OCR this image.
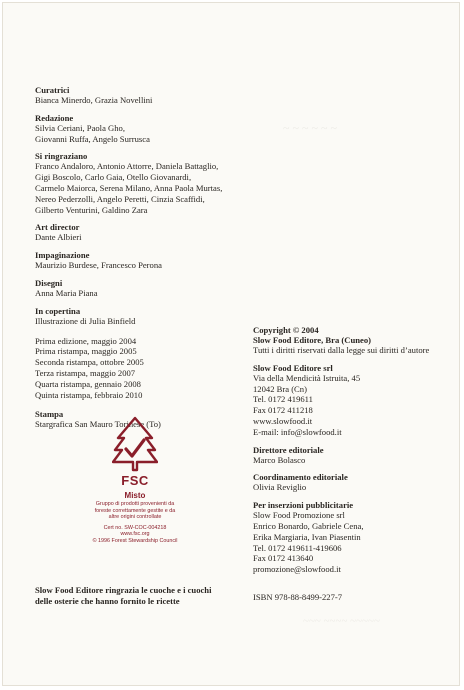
~ ~ ~ ~ ~ ~
~~~ ~~~~ ~~~~~
Curatrici
Bianca Minerdo, Grazia Novellini
Redazione
Silvia Ceriani, Paola Gho,
Giovanni Ruffa, Angelo Surrusca
Si ringraziano
Franco Andaloro, Antonio Attorre, Daniela Battaglio,
Gigi Boscolo, Carlo Gaia, Otello Giovanardi,
Carmelo Maiorca, Serena Milano, Anna Paola Murtas,
Nereo Pederzolli, Angelo Peretti, Cinzia Scaffidi,
Gilberto Venturini, Galdino Zara
Art director
Dante Albieri
Impaginazione
Maurizio Burdese, Francesco Perona
Disegni
Anna Maria Piana
In copertina
Illustrazione di Julia Binfield
Prima edizione, maggio 2004
Prima ristampa, maggio 2005
Seconda ristampa, ottobre 2005
Terza ristampa, maggio 2007
Quarta ristampa, gennaio 2008
Quinta ristampa, febbraio 2010
Stampa
Stargrafica San Mauro Torinese (To)
FSC
Misto
Gruppo di prodotti provenienti da
foreste correttamente gestite e da
altre origini controllate
Cert no. SW-COC-004218
www.fsc.org
© 1996 Forest Stewardship Council
Slow Food Editore ringrazia le cuoche e i cuochi
delle osterie che hanno fornito le ricette
Copyright © 2004
Slow Food Editore, Bra (Cuneo)
Tutti i diritti riservati dalla legge sui diritti d’autore
Slow Food Editore srl
Via della Mendicità Istruita, 45
12042 Bra (Cn)
Tel. 0172 419611
Fax 0172 411218
www.slowfood.it
E-mail: info@slowfood.it
Direttore editoriale
Marco Bolasco
Coordinamento editoriale
Olivia Reviglio
Per inserzioni pubblicitarie
Slow Food Promozione srl
Enrico Bonardo, Gabriele Cena,
Erika Margiaria, Ivan Piasentin
Tel. 0172 419611-419606
Fax 0172 413640
promozione@slowfood.it
ISBN 978-88-8499-227-7
